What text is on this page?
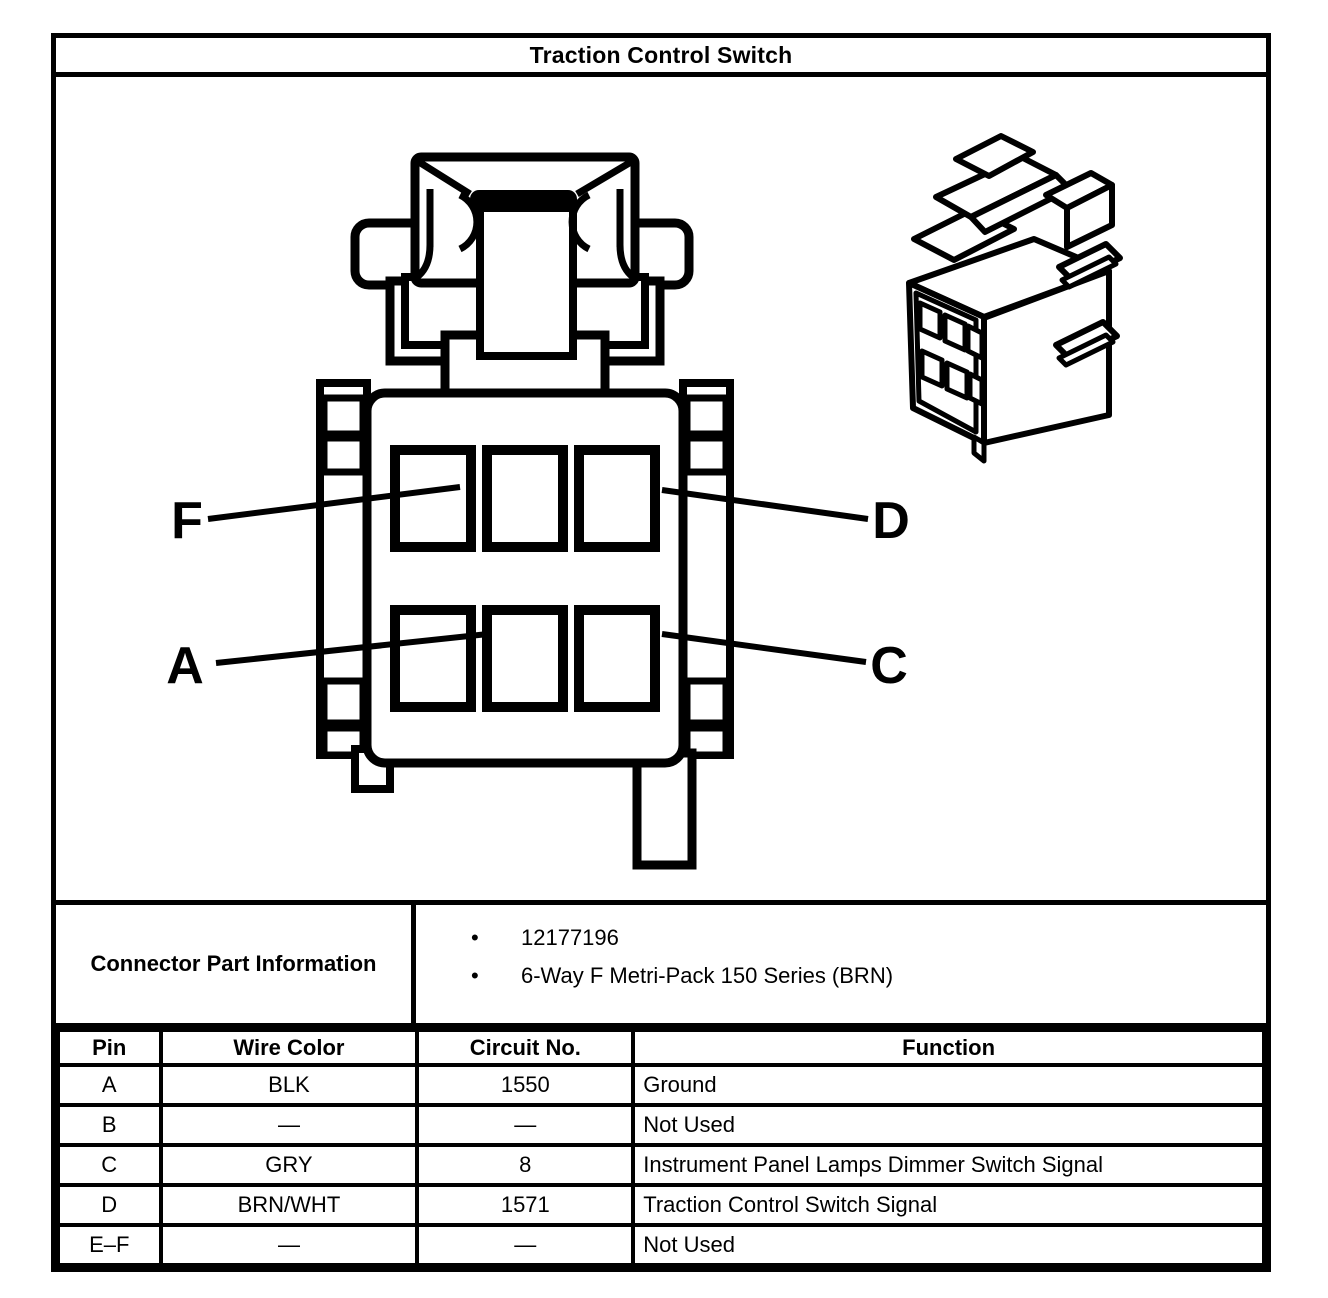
Traction Control Switch
F	D
A	C
Connector Part Information
•	12177196
•	6-Way F Metri-Pack 150 Series (BRN)
Pin	Wire Color	Circuit No.	Function
A	BLK	1550	Ground
B	—	—	Not Used
C	GRY	8	Instrument Panel Lamps Dimmer Switch Signal
D	BRN/WHT	1571	Traction Control Switch Signal
E–F	—	—	Not Used
